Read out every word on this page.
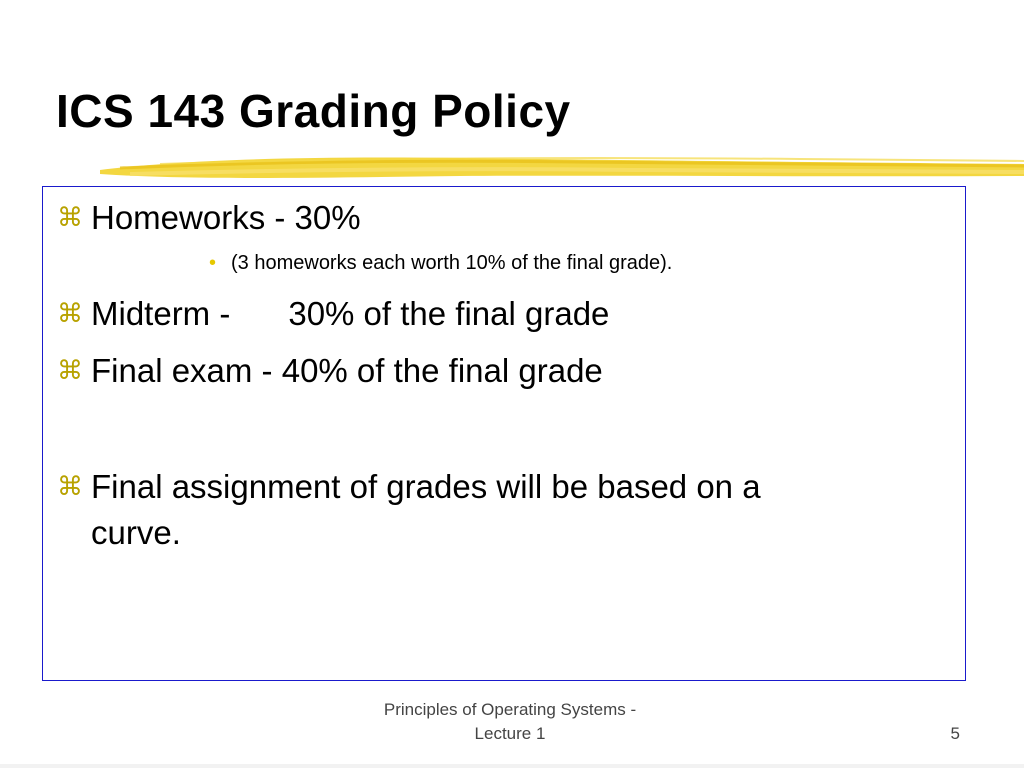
ICS 143 Grading Policy
⌘ Homeworks - 30%
• (3 homeworks each worth 10% of the final grade).
⌘ Midterm - 30% of the final grade
⌘ Final exam - 40% of the final grade
⌘ Final assignment of grades will be based on a
curve.
Principles of Operating Systems -
Lecture 1	5
